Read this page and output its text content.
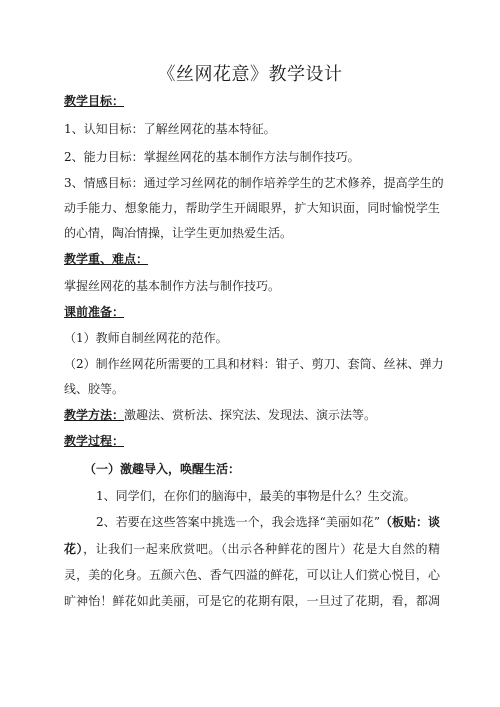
《丝网花意》教学设计
教学目标：
1、认知目标：了解丝网花的基本特征。
2、能力目标：掌握丝网花的基本制作方法与制作技巧。
3、情感目标：通过学习丝网花的制作培养学生的艺术修养，提高学生的
动手能力、想象能力，帮助学生开阔眼界，扩大知识面，同时愉悦学生
的心情，陶冶情操，让学生更加热爱生活。
教学重、难点：
掌握丝网花的基本制作方法与制作技巧。
课前准备：
（1）教师自制丝网花的范作。
（2）制作丝网花所需要的工具和材料：钳子、剪刀、套筒、丝袜、弹力
线、胶等。
教学方法：激趣法、赏析法、探究法、发现法、演示法等。
教学过程：
（一）激趣导入，唤醒生活：
1、同学们，在你们的脑海中，最美的事物是什么？生交流。
2、若要在这些答案中挑选一个，我会选择“美丽如花”（板贴：谈
花），让我们一起来欣赏吧。（出示各种鲜花的图片）花是大自然的精
灵，美的化身。五颜六色、香气四溢的鲜花，可以让人们赏心悦目，心
旷神怡！鲜花如此美丽，可是它的花期有限，一旦过了花期，看，都凋
